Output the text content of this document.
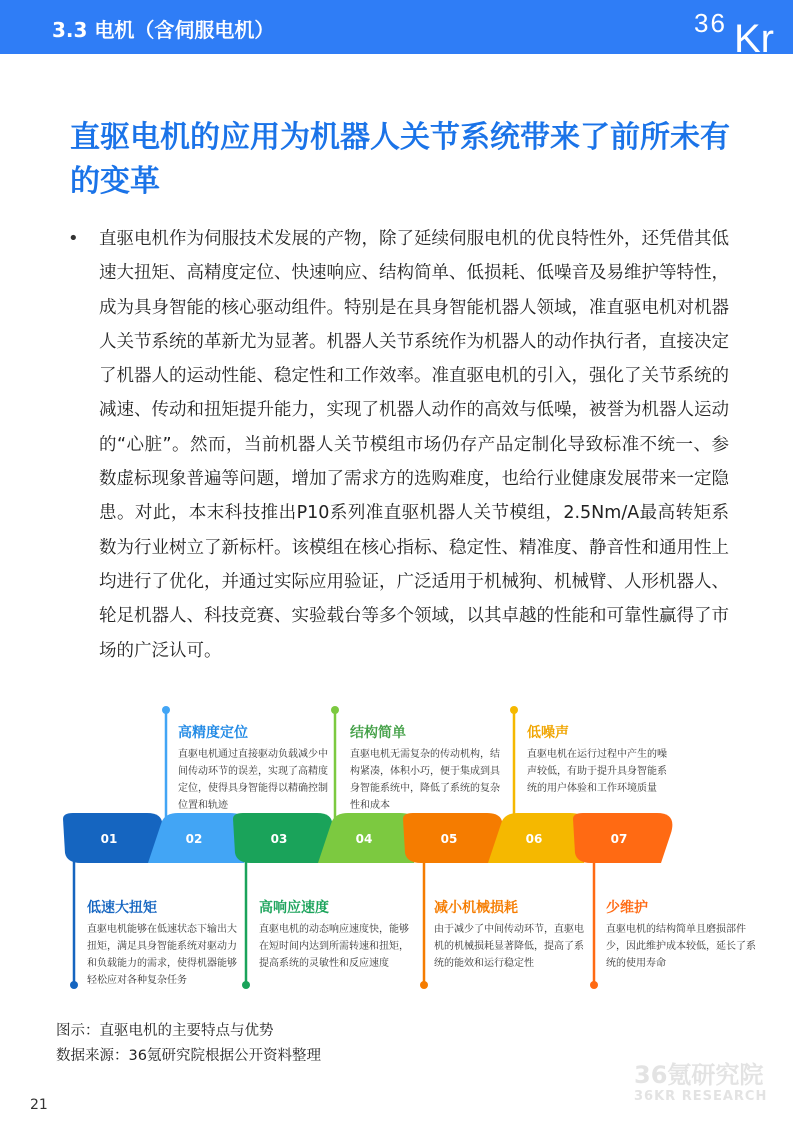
3.3 电机（含伺服电机）	36 Kr
直驱电机的应用为机器人关节系统带来了前所未有的变革
• 直驱电机作为伺服技术发展的产物，除了延续伺服电机的优良特性外，还凭借其低速大扭矩、高精度定位、快速响应、结构简单、低损耗、低噪音及易维护等特性，成为具身智能的核心驱动组件。特别是在具身智能机器人领域，准直驱电机对机器人关节系统的革新尤为显著。机器人关节系统作为机器人的动作执行者，直接决定了机器人的运动性能、稳定性和工作效率。准直驱电机的引入，强化了关节系统的减速、传动和扭矩提升能力，实现了机器人动作的高效与低噪，被誉为机器人运动的“心脏”。然而，当前机器人关节模组市场仍存产品定制化导致标准不统一、参数虚标现象普遍等问题，增加了需求方的选购难度，也给行业健康发展带来一定隐患。对此，本末科技推出P10系列准直驱机器人关节模组，2.5Nm/A最高转矩系数为行业树立了新标杆。该模组在核心指标、稳定性、精准度、静音性和通用性上均进行了优化，并通过实际应用验证，广泛适用于机械狗、机械臂、人形机器人、轮足机器人、科技竞赛、实验载台等多个领域，以其卓越的性能和可靠性赢得了市场的广泛认可。

01	02	03	04	05	06	07
高精度定位
直驱电机通过直接驱动负载减少中间传动环节的误差，实现了高精度定位，使得具身智能得以精确控制位置和轨迹
结构简单
直驱电机无需复杂的传动机构，结构紧凑，体积小巧，便于集成到具身智能系统中，降低了系统的复杂性和成本
低噪声
直驱电机在运行过程中产生的噪声较低，有助于提升具身智能系统的用户体验和工作环境质量
低速大扭矩
直驱电机能够在低速状态下输出大扭矩，满足具身智能系统对驱动力和负载能力的需求，使得机器能够轻松应对各种复杂任务
高响应速度
直驱电机的动态响应速度快，能够在短时间内达到所需转速和扭矩，提高系统的灵敏性和反应速度
减小机械损耗
由于减少了中间传动环节，直驱电机的机械损耗显著降低，提高了系统的能效和运行稳定性
少维护
直驱电机的结构简单且磨损部件少，因此维护成本较低，延长了系统的使用寿命
图示：直驱电机的主要特点与优势
数据来源：36氪研究院根据公开资料整理
36氪研究院
36KR RESEARCH
21
